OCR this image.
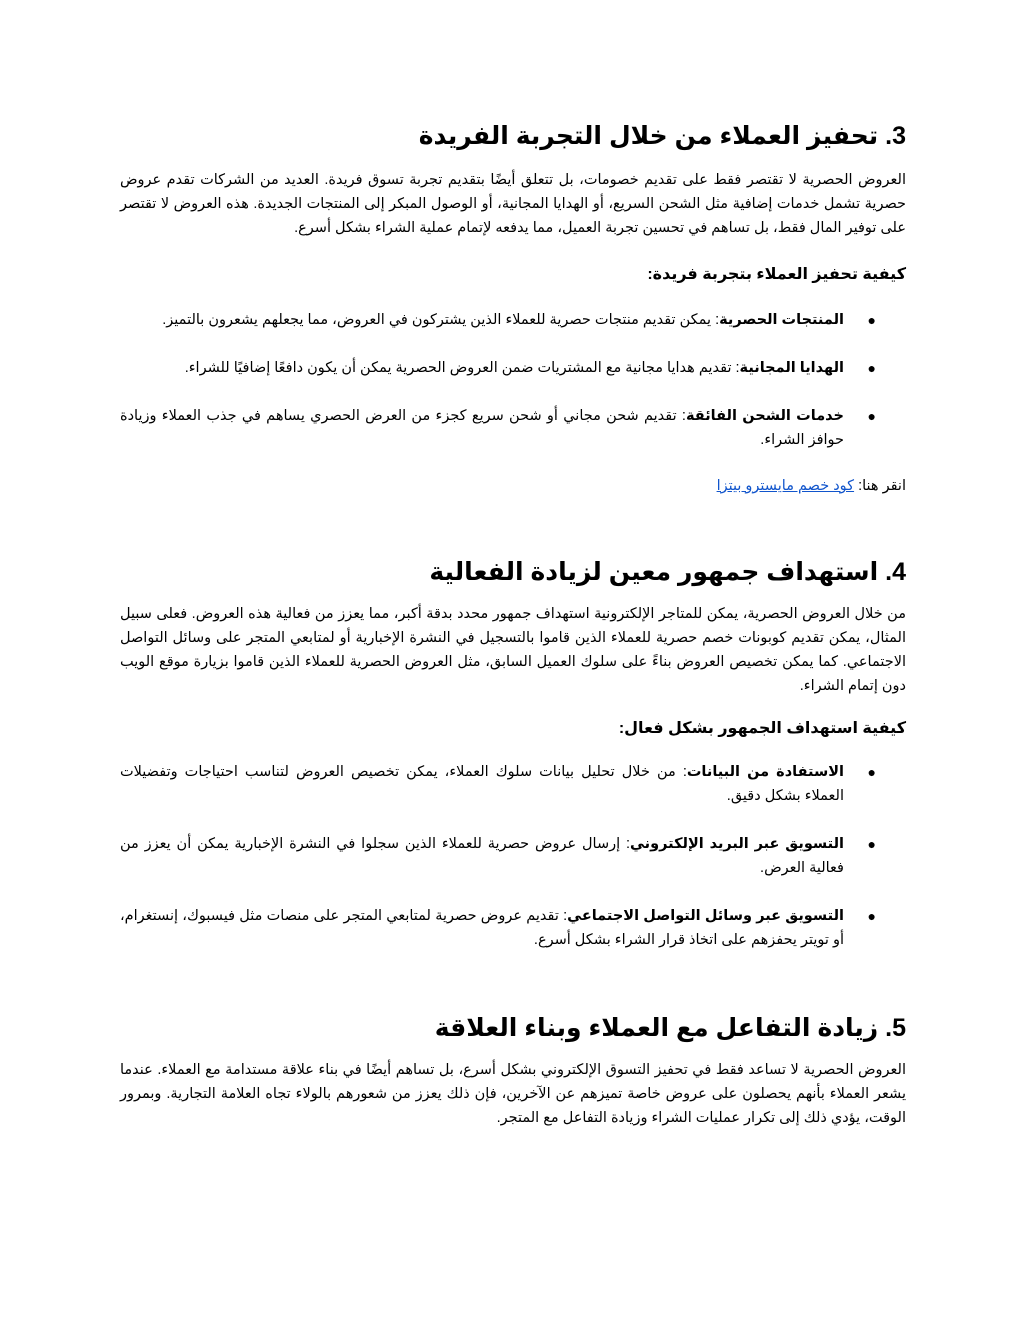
3. تحفيز العملاء من خلال التجربة الفريدة

العروض الحصرية لا تقتصر فقط على تقديم خصومات، بل تتعلق أيضًا بتقديم تجربة تسوق فريدة. العديد من الشركات تقدم عروض حصرية تشمل خدمات إضافية مثل الشحن السريع، أو الهدايا المجانية، أو الوصول المبكر إلى المنتجات الجديدة. هذه العروض لا تقتصر على توفير المال فقط، بل تساهم في تحسين تجربة العميل، مما يدفعه لإتمام عملية الشراء بشكل أسرع.

كيفية تحفيز العملاء بتجربة فريدة:
●
المنتجات الحصرية: يمكن تقديم منتجات حصرية للعملاء الذين يشتركون في العروض، مما يجعلهم يشعرون بالتميز.
●
الهدايا المجانية: تقديم هدايا مجانية مع المشتريات ضمن العروض الحصرية يمكن أن يكون دافعًا إضافيًا للشراء.
●
خدمات الشحن الفائقة: تقديم شحن مجاني أو شحن سريع كجزء من العرض الحصري يساهم في جذب العملاء وزيادة حوافز الشراء.
انقر هنا: كود خصم مايسترو بيتزا
4. استهداف جمهور معين لزيادة الفعالية

من خلال العروض الحصرية، يمكن للمتاجر الإلكترونية استهداف جمهور محدد بدقة أكبر، مما يعزز من فعالية هذه العروض. فعلى سبيل المثال، يمكن تقديم كوبونات خصم حصرية للعملاء الذين قاموا بالتسجيل في النشرة الإخبارية أو لمتابعي المتجر على وسائل التواصل الاجتماعي. كما يمكن تخصيص العروض بناءً على سلوك العميل السابق، مثل العروض الحصرية للعملاء الذين قاموا بزيارة موقع الويب دون إتمام الشراء.

كيفية استهداف الجمهور بشكل فعال:
●
الاستفادة من البيانات: من خلال تحليل بيانات سلوك العملاء، يمكن تخصيص العروض لتناسب احتياجات وتفضيلات العملاء بشكل دقيق.
●
التسويق عبر البريد الإلكتروني: إرسال عروض حصرية للعملاء الذين سجلوا في النشرة الإخبارية يمكن أن يعزز من فعالية العرض.
●
التسويق عبر وسائل التواصل الاجتماعي: تقديم عروض حصرية لمتابعي المتجر على منصات مثل فيسبوك، إنستغرام، أو تويتر يحفزهم على اتخاذ قرار الشراء بشكل أسرع.
5. زيادة التفاعل مع العملاء وبناء العلاقة

العروض الحصرية لا تساعد فقط في تحفيز التسوق الإلكتروني بشكل أسرع، بل تساهم أيضًا في بناء علاقة مستدامة مع العملاء. عندما يشعر العملاء بأنهم يحصلون على عروض خاصة تميزهم عن الآخرين، فإن ذلك يعزز من شعورهم بالولاء تجاه العلامة التجارية. وبمرور الوقت، يؤدي ذلك إلى تكرار عمليات الشراء وزيادة التفاعل مع المتجر.
